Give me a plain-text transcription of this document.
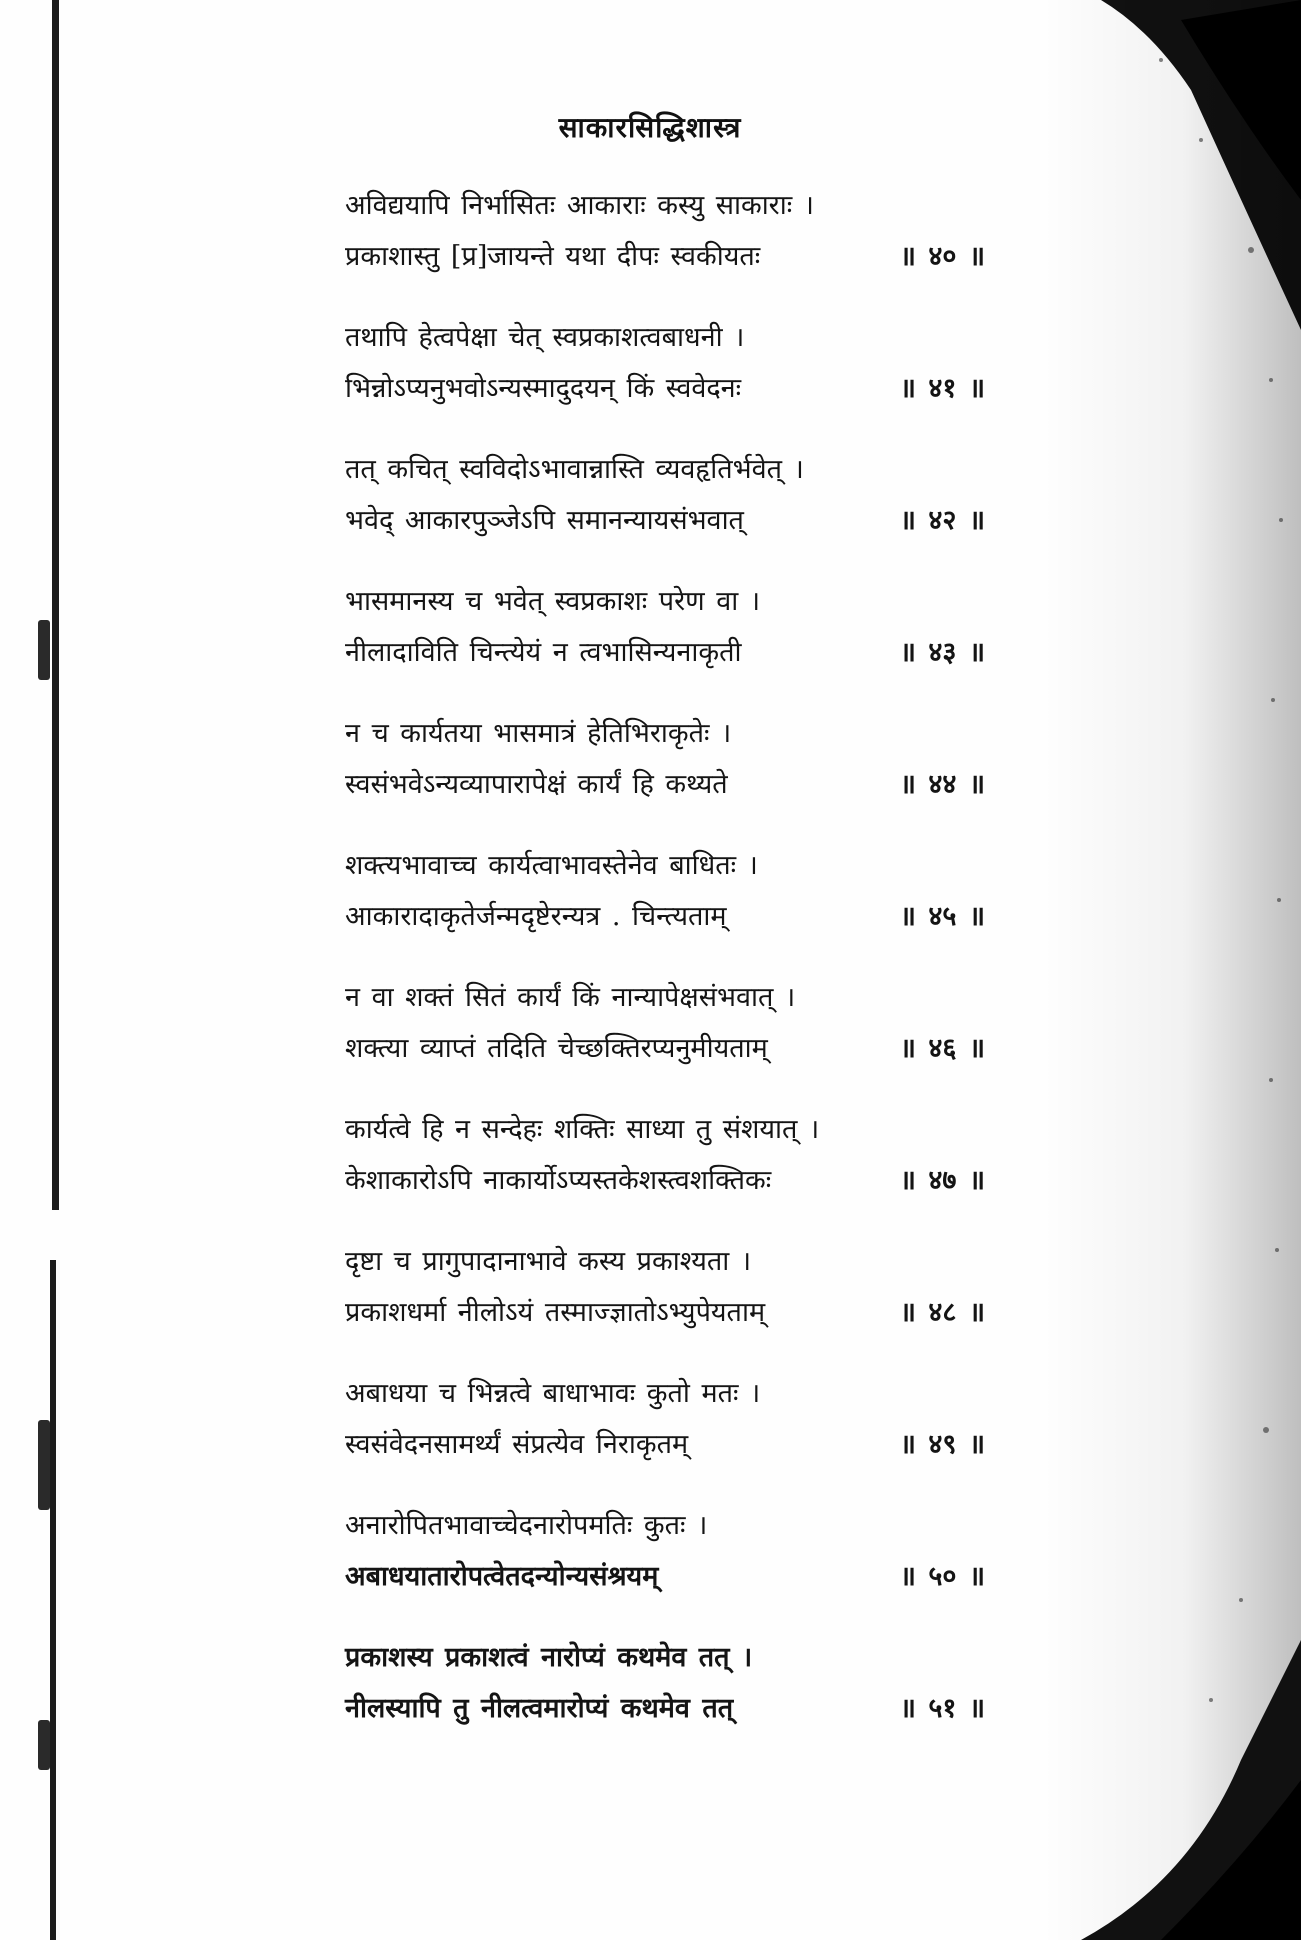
साकारसिद्धिशास्त्र
अविद्ययापि निर्भासितः आकाराः कस्यु साकाराः ।
प्रकाशास्तु [प्र]जायन्ते यथा दीपः स्वकीयतः	॥ ४० ॥
तथापि हेत्वपेक्षा चेत् स्वप्रकाशत्वबाधनी ।
भिन्नोऽप्यनुभवोऽन्यस्मादुदयन् किं स्ववेदनः	॥ ४१ ॥
तत् कचित् स्वविदोऽभावान्नास्ति व्यवहृतिर्भवेत् ।
भवेद् आकारपुञ्जेऽपि समानन्यायसंभवात्	॥ ४२ ॥
भासमानस्य च भवेत् स्वप्रकाशः परेण वा ।
नीलादाविति चिन्त्येयं न त्वभासिन्यनाकृती	॥ ४३ ॥
न च कार्यतया भासमात्रं हेतिभिराकृतेः ।
स्वसंभवेऽन्यव्यापारापेक्षं कार्यं हि कथ्यते	॥ ४४ ॥
शक्त्यभावाच्च कार्यत्वाभावस्तेनेव बाधितः ।
आकारादाकृतेर्जन्मदृष्टेरन्यत्र . चिन्त्यताम्	॥ ४५ ॥
न वा शक्तं सितं कार्यं किं नान्यापेक्षसंभवात् ।
शक्त्या व्याप्तं तदिति चेच्छक्तिरप्यनुमीयताम्	॥ ४६ ॥
कार्यत्वे हि न सन्देहः शक्तिः साध्या तु संशयात् ।
केशाकारोऽपि नाकार्योऽप्यस्तकेशस्त्वशक्तिकः	॥ ४७ ॥
दृष्टा च प्रागुपादानाभावे कस्य प्रकाश्यता ।
प्रकाशधर्मा नीलोऽयं तस्माज्ज्ञातोऽभ्युपेयताम्	॥ ४८ ॥
अबाधया च भिन्नत्वे बाधाभावः कुतो मतः ।
स्वसंवेदनसामर्थ्यं संप्रत्येव निराकृतम्	॥ ४९ ॥
अनारोपितभावाच्चेदनारोपमतिः कुतः ।
अबाधयातारोपत्वेतदन्योन्यसंश्रयम्	॥ ५० ॥
प्रकाशस्य प्रकाशत्वं नारोप्यं कथमेव तत् ।
नीलस्यापि तु नीलत्वमारोप्यं कथमेव तत्	॥ ५१ ॥
